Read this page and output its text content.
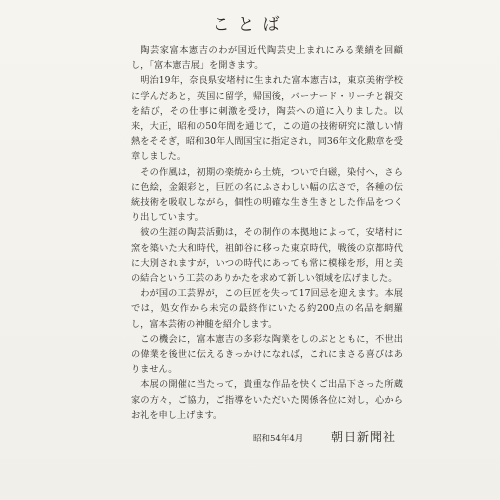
ことば

陶芸家富本憲吉のわが国近代陶芸史上まれにみる業績を回顧し，「富本憲吉展」を開きます。

明治19年，奈良県安堵村に生まれた富本憲吉は，東京美術学校に学んだあと，英国に留学，帰国後，バーナード・リーチと親交を結び，その仕事に刺激を受け，陶芸への道に入りました。以来，大正，昭和の50年間を通じて，この道の技術研究に激しい情熱をそそぎ，昭和30年人間国宝に指定され，同36年文化勲章を受章しました。

その作風は，初期の楽焼から土焼，ついで白磁，染付へ，さらに色絵，金銀彩と，巨匠の名にふさわしい幅の広さで，各種の伝統技術を吸収しながら，個性の明確な生き生きとした作品をつくり出しています。

彼の生涯の陶芸活動は，その制作の本拠地によって，安堵村に窯を築いた大和時代，祖師谷に移った東京時代，戦後の京都時代に大別されますが，いつの時代にあっても常に模様を形，用と美の結合という工芸のありかたを求めて新しい領域を広げました。

わが国の工芸界が，この巨匠を失って17回忌を迎えます。本展では，処女作から未完の最終作にいたる約200点の名品を網羅し，富本芸術の神髄を紹介します。

この機会に，富本憲吉の多彩な陶業をしのぶとともに，不世出の偉業を後世に伝えるきっかけになれば，これにまさる喜びはありません。

本展の開催に当たって，貴重な作品を快くご出品下さった所蔵家の方々，ご協力，ご指導をいただいた関係各位に対し，心からお礼を申し上げます。

昭和54年4月 朝日新聞社
